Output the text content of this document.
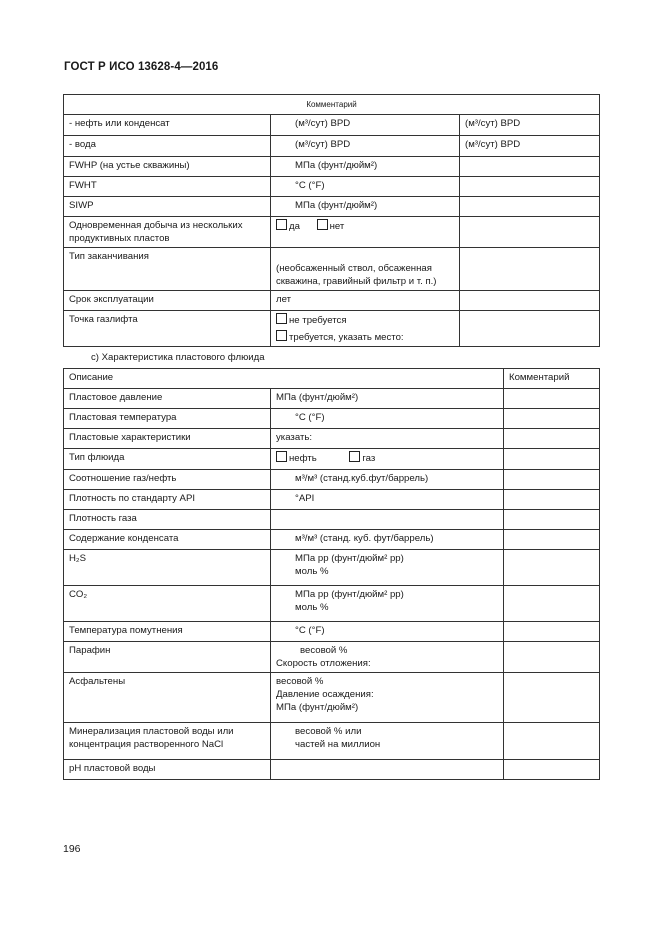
ГОСТ Р ИСО 13628-4—2016
Комментарий		
- нефть или конденсат	(м³/сут) BPD	(м³/сут) BPD
- вода	(м³/сут) BPD	(м³/сут) BPD
FWHP (на устье скважины)	МПа (фунт/дюйм²)	
FWHT	°С (°F)	
SIWP	МПа (фунт/дюйм²)	
Одновременная добыча из нескольких продуктивных пластов	да нет	
Тип заканчивания	(необсаженный ствол, обсаженная скважина, гравийный фильтр и т. п.)	
Срок эксплуатации	лет	
Точка газлифта	не требуется
требуется, указать место:	

с) Характеристика пластового флюида
Описание		Комментарий
Пластовое давление	МПа (фунт/дюйм²)	
Пластовая температура	°С (°F)	
Пластовые характеристики	указать:	
Тип флюида	нефть газ	
Соотношение газ/нефть	м³/м³ (станд.куб.фут/баррель)	
Плотность по стандарту API	°API	
Плотность газа		
Содержание конденсата	м³/м³ (станд. куб. фут/баррель)	
H₂S	МПа рр (фунт/дюйм² рр)
моль %	

CO₂	МПа рр (фунт/дюйм² рр)
моль %	

Температура помутнения	°С (°F)	
Парафин	весовой %
Скорость отложения:	

Асфальтены	весовой %
Давление осаждения:
МПа (фунт/дюйм²)	

Минерализация пластовой воды или концентрация растворенного NaCl	весовой % или
частей на миллион	

pH пластовой воды		
196
